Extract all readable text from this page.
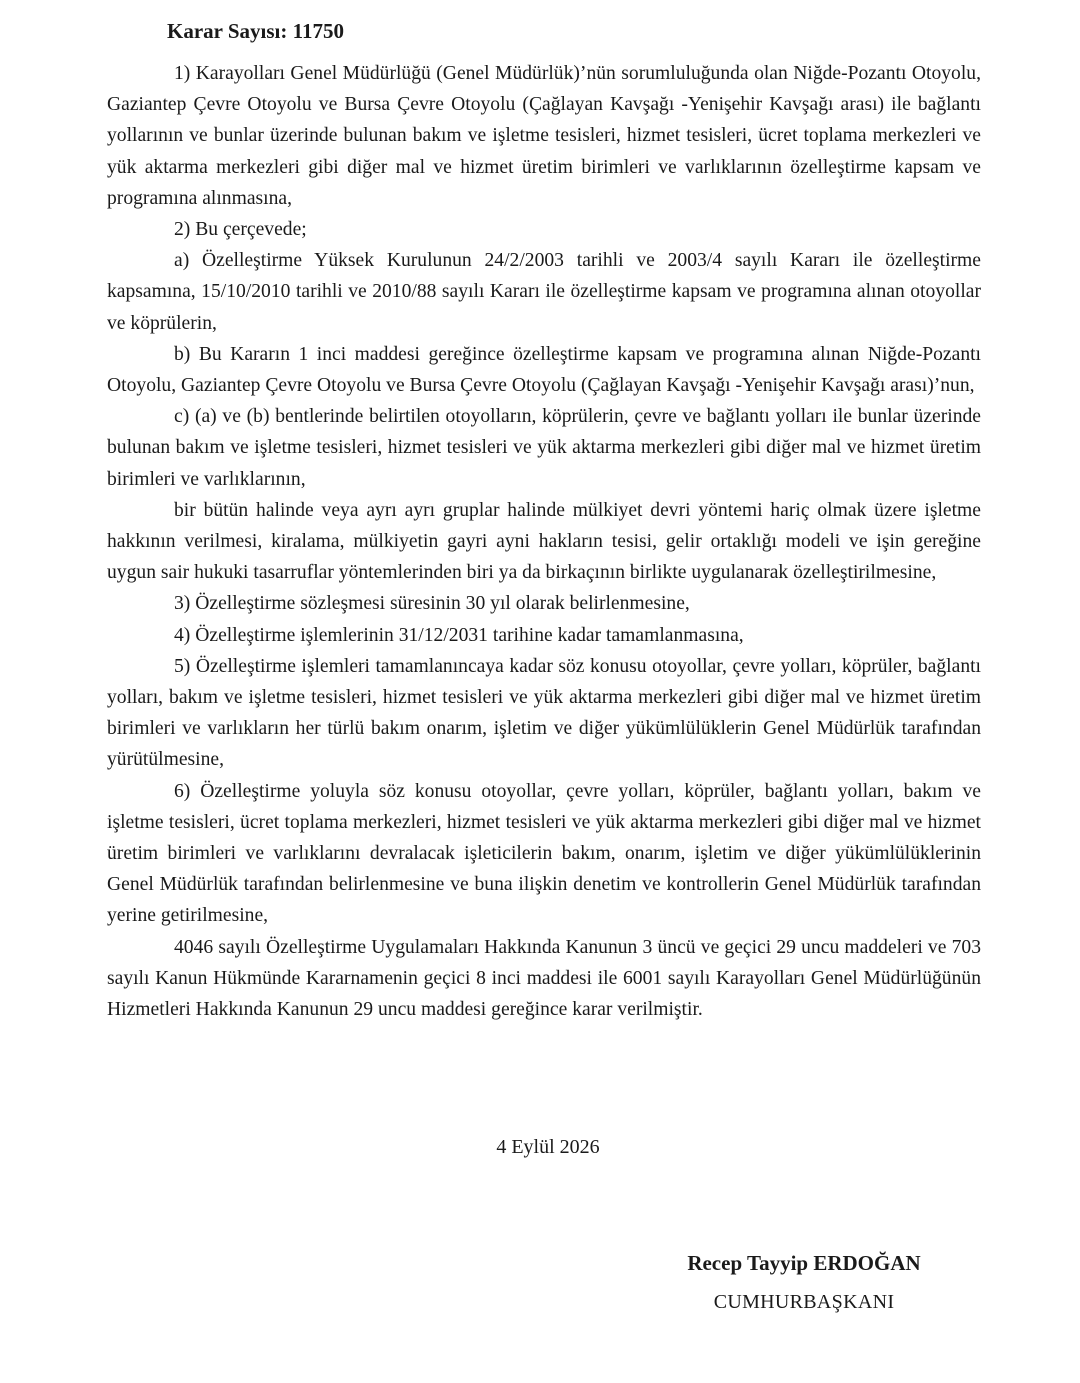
Karar Sayısı: 11750

1) Karayolları Genel Müdürlüğü (Genel Müdürlük)’nün sorumluluğunda olan Niğde-Pozantı Otoyolu, Gaziantep Çevre Otoyolu ve Bursa Çevre Otoyolu (Çağlayan Kavşağı -Yenişehir Kavşağı arası) ile bağlantı yollarının ve bunlar üzerinde bulunan bakım ve işletme tesisleri, hizmet tesisleri, ücret toplama merkezleri ve yük aktarma merkezleri gibi diğer mal ve hizmet üretim birimleri ve varlıklarının özelleştirme kapsam ve programına alınmasına,

2) Bu çerçevede;

a) Özelleştirme Yüksek Kurulunun 24/2/2003 tarihli ve 2003/4 sayılı Kararı ile özelleştirme kapsamına, 15/10/2010 tarihli ve 2010/88 sayılı Kararı ile özelleştirme kapsam ve programına alınan otoyollar ve köprülerin,

b) Bu Kararın 1 inci maddesi gereğince özelleştirme kapsam ve programına alınan Niğde-Pozantı Otoyolu, Gaziantep Çevre Otoyolu ve Bursa Çevre Otoyolu (Çağlayan Kavşağı -Yenişehir Kavşağı arası)’nun,

c) (a) ve (b) bentlerinde belirtilen otoyolların, köprülerin, çevre ve bağlantı yolları ile bunlar üzerinde bulunan bakım ve işletme tesisleri, hizmet tesisleri ve yük aktarma merkezleri gibi diğer mal ve hizmet üretim birimleri ve varlıklarının,

bir bütün halinde veya ayrı ayrı gruplar halinde mülkiyet devri yöntemi hariç olmak üzere işletme hakkının verilmesi, kiralama, mülkiyetin gayri ayni hakların tesisi, gelir ortaklığı modeli ve işin gereğine uygun sair hukuki tasarruflar yöntemlerinden biri ya da birkaçının birlikte uygulanarak özelleştirilmesine,

3) Özelleştirme sözleşmesi süresinin 30 yıl olarak belirlenmesine,

4) Özelleştirme işlemlerinin 31/12/2031 tarihine kadar tamamlanmasına,

5) Özelleştirme işlemleri tamamlanıncaya kadar söz konusu otoyollar, çevre yolları, köprüler, bağlantı yolları, bakım ve işletme tesisleri, hizmet tesisleri ve yük aktarma merkezleri gibi diğer mal ve hizmet üretim birimleri ve varlıkların her türlü bakım onarım, işletim ve diğer yükümlülüklerin Genel Müdürlük tarafından yürütülmesine,

6) Özelleştirme yoluyla söz konusu otoyollar, çevre yolları, köprüler, bağlantı yolları, bakım ve işletme tesisleri, ücret toplama merkezleri, hizmet tesisleri ve yük aktarma merkezleri gibi diğer mal ve hizmet üretim birimleri ve varlıklarını devralacak işleticilerin bakım, onarım, işletim ve diğer yükümlülüklerinin Genel Müdürlük tarafından belirlenmesine ve buna ilişkin denetim ve kontrollerin Genel Müdürlük tarafından yerine getirilmesine,

4046 sayılı Özelleştirme Uygulamaları Hakkında Kanunun 3 üncü ve geçici 29 uncu maddeleri ve 703 sayılı Kanun Hükmünde Kararnamenin geçici 8 inci maddesi ile 6001 sayılı Karayolları Genel Müdürlüğünün Hizmetleri Hakkında Kanunun 29 uncu maddesi gereğince karar verilmiştir.

4 Eylül 2026
Recep Tayyip ERDOĞAN
CUMHURBAŞKANI
